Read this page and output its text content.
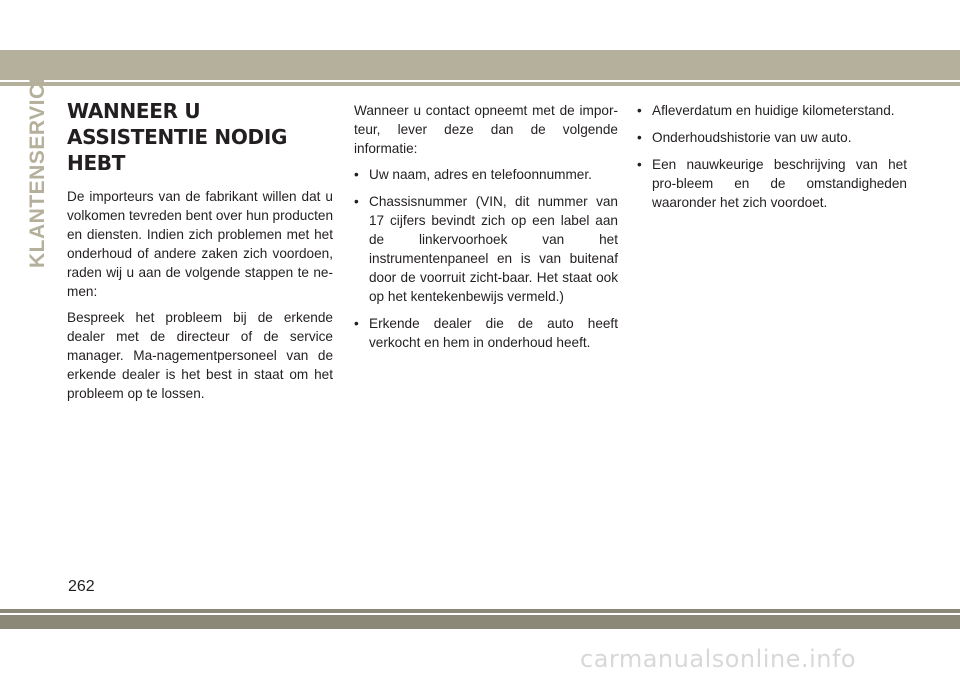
KLANTENSERVICE WANNEER U ASSISTENTIE NODIG HEBT

De importeurs van de fabrikant willen dat u volkomen tevreden bent over hun producten en diensten. Indien zich problemen met het onderhoud of andere zaken zich voordoen, raden wij u aan de volgende stappen te ne-men:

Bespreek het probleem bij de erkende dealer met de directeur of de service manager. Ma-nagementpersoneel van de erkende dealer is het best in staat om het probleem op te lossen.

Wanneer u contact opneemt met de impor-teur, lever deze dan de volgende informatie:

• Uw naam, adres en telefoonnummer.
• Chassisnummer (VIN, dit nummer van 17 cijfers bevindt zich op een label aan de linkervoorhoek van het instrumentenpaneel en is van buitenaf door de voorruit zicht-baar. Het staat ook op het kentekenbewijs vermeld.)
• Erkende dealer die de auto heeft verkocht en hem in onderhoud heeft.
• Afleverdatum en huidige kilometerstand.
• Onderhoudshistorie van uw auto.
• Een nauwkeurige beschrijving van het pro-bleem en de omstandigheden waaronder het zich voordoet.
262
carmanualsonline.info
